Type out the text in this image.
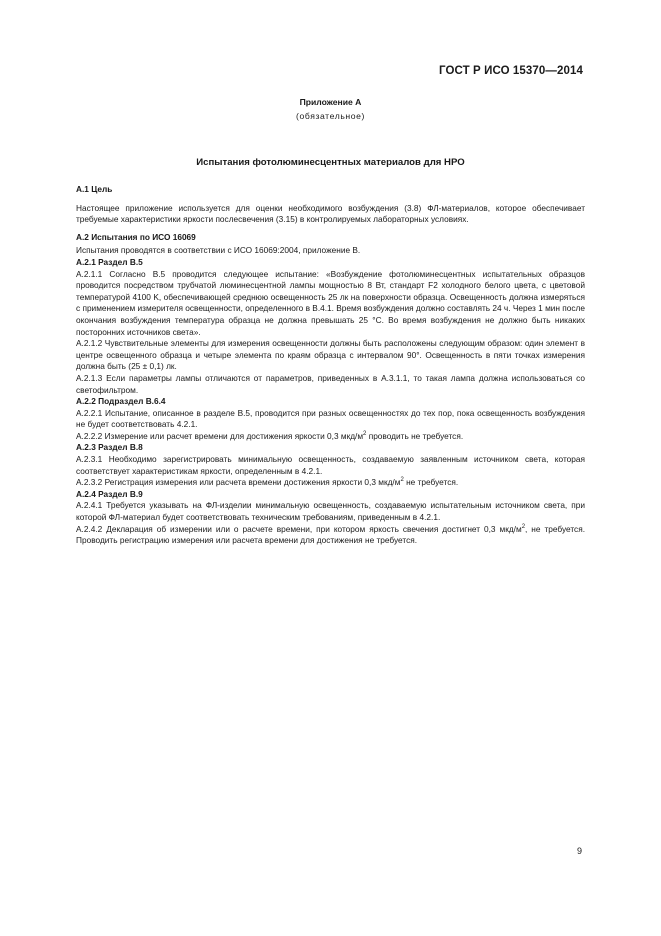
ГОСТ Р ИСО 15370—2014
Приложение А
(обязательное)
Испытания фотолюминесцентных материалов для НРО

А.1 Цель

Настоящее приложение используется для оценки необходимого возбуждения (3.8) ФЛ-материалов, которое обеспечивает требуемые характеристики яркости послесвечения (3.15) в контролируемых лабораторных условиях.

А.2 Испытания по ИСО 16069

Испытания проводятся в соответствии с ИСО 16069:2004, приложение В.

А.2.1 Раздел В.5

А.2.1.1 Согласно В.5 проводится следующее испытание: «Возбуждение фотолюминесцентных испытательных образцов проводится посредством трубчатой люминесцентной лампы мощностью 8 Вт, стандарт F2 холодного белого цвета, с цветовой температурой 4100 K, обеспечивающей среднюю освещенность 25 лк на поверхности образца. Освещенность должна измеряться с применением измерителя освещенности, определенного в В.4.1. Время возбуждения должно составлять 24 ч. Через 1 мин после окончания возбуждения температура образца не должна превышать 25 °С. Во время возбуждения не должно быть никаких посторонних источников света».

А.2.1.2 Чувствительные элементы для измерения освещенности должны быть расположены следующим образом: один элемент в центре освещенного образца и четыре элемента по краям образца с интервалом 90°. Освещенность в пяти точках измерения должна быть (25 ± 0,1) лк.

А.2.1.3 Если параметры лампы отличаются от параметров, приведенных в А.3.1.1, то такая лампа должна использоваться со светофильтром.

А.2.2 Подраздел В.6.4

А.2.2.1 Испытание, описанное в разделе В.5, проводится при разных освещенностях до тех пор, пока освещенность возбуждения не будет соответствовать 4.2.1.

А.2.2.2 Измерение или расчет времени для достижения яркости 0,3 мкд/$м^2$ проводить не требуется.

А.2.3 Раздел В.8

А.2.3.1 Необходимо зарегистрировать минимальную освещенность, создаваемую заявленным источником света, которая соответствует характеристикам яркости, определенным в 4.2.1.

А.2.3.2 Регистрация измерения или расчета времени достижения яркости 0,3 мкд/$м^2$ не требуется.

А.2.4 Раздел В.9

А.2.4.1 Требуется указывать на ФЛ-изделии минимальную освещенность, создаваемую испытательным источником света, при которой ФЛ-материал будет соответствовать техническим требованиям, приведенным в 4.2.1.

А.2.4.2 Декларация об измерении или о расчете времени, при котором яркость свечения достигнет 0,3 мкд/$м^2$, не требуется. Проводить регистрацию измерения или расчета времени для достижения не требуется.

9
